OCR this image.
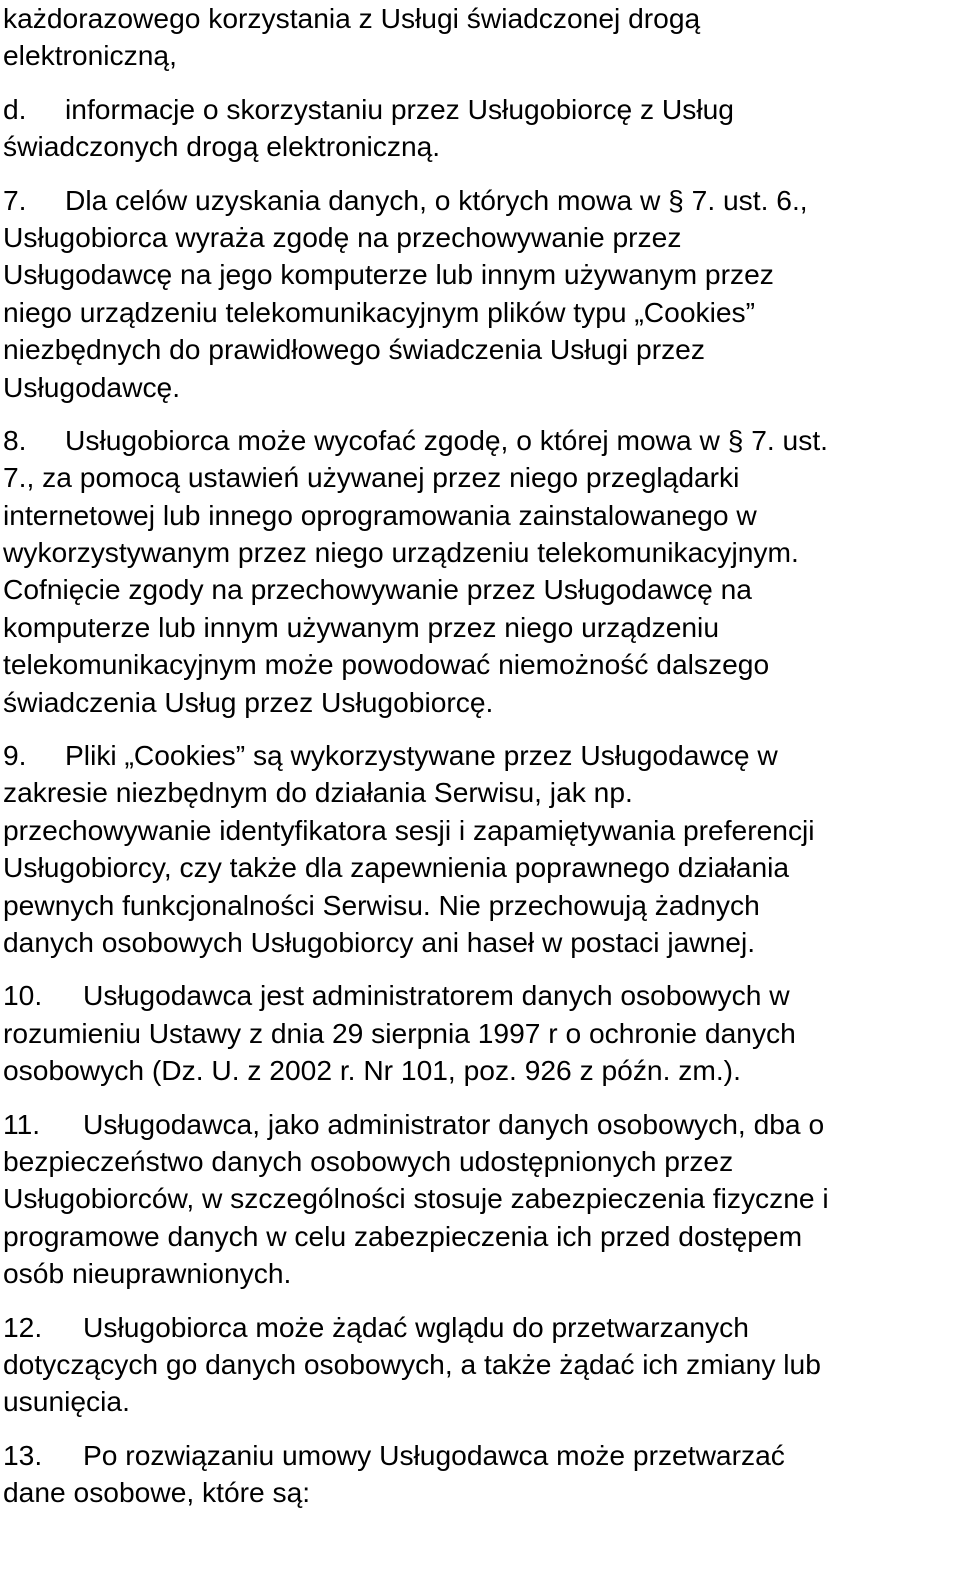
każdorazowego korzystania z Usługi świadczonej drogą
elektroniczną,
d. informacje o skorzystaniu przez Usługobiorcę z Usług
świadczonych drogą elektroniczną.
7. Dla celów uzyskania danych, o których mowa w § 7. ust. 6.,
Usługobiorca wyraża zgodę na przechowywanie przez
Usługodawcę na jego komputerze lub innym używanym przez
niego urządzeniu telekomunikacyjnym plików typu „Cookies”
niezbędnych do prawidłowego świadczenia Usługi przez
Usługodawcę.
8. Usługobiorca może wycofać zgodę, o której mowa w § 7. ust.
7., za pomocą ustawień używanej przez niego przeglądarki
internetowej lub innego oprogramowania zainstalowanego w
wykorzystywanym przez niego urządzeniu telekomunikacyjnym.
Cofnięcie zgody na przechowywanie przez Usługodawcę na
komputerze lub innym używanym przez niego urządzeniu
telekomunikacyjnym może powodować niemożność dalszego
świadczenia Usług przez Usługobiorcę.
9. Pliki „Cookies” są wykorzystywane przez Usługodawcę w
zakresie niezbędnym do działania Serwisu, jak np.
przechowywanie identyfikatora sesji i zapamiętywania preferencji
Usługobiorcy, czy także dla zapewnienia poprawnego działania
pewnych funkcjonalności Serwisu. Nie przechowują żadnych
danych osobowych Usługobiorcy ani haseł w postaci jawnej.
10. Usługodawca jest administratorem danych osobowych w
rozumieniu Ustawy z dnia 29 sierpnia 1997 r o ochronie danych
osobowych (Dz. U. z 2002 r. Nr 101, poz. 926 z późn. zm.).
11. Usługodawca, jako administrator danych osobowych, dba o
bezpieczeństwo danych osobowych udostępnionych przez
Usługobiorców, w szczególności stosuje zabezpieczenia fizyczne i
programowe danych w celu zabezpieczenia ich przed dostępem
osób nieuprawnionych.
12. Usługobiorca może żądać wglądu do przetwarzanych
dotyczących go danych osobowych, a także żądać ich zmiany lub
usunięcia.
13. Po rozwiązaniu umowy Usługodawca może przetwarzać
dane osobowe, które są:
